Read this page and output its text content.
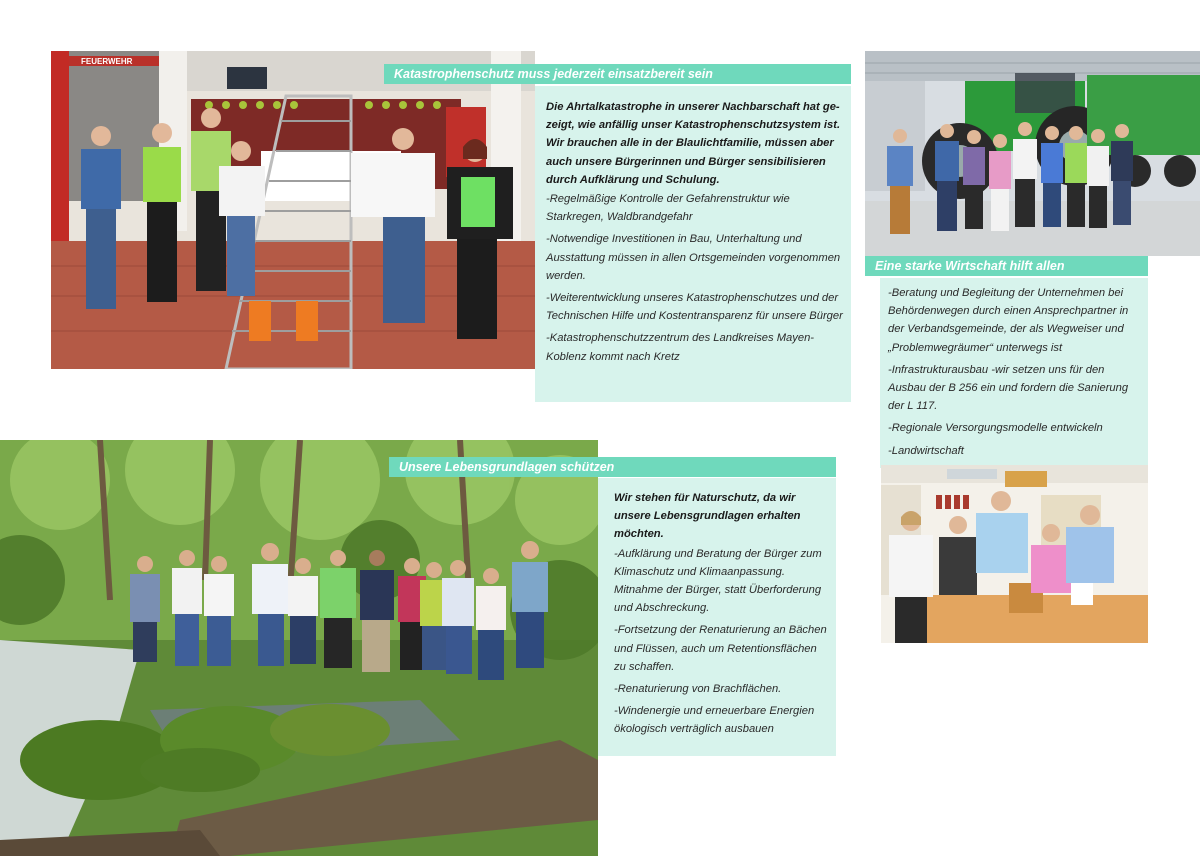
FEUERWEHR
Katastrophenschutz muss jederzeit einsatzbereit sein

Die Ahrtalkatastrophe in unserer Nachbarschaft hat ge- zeigt, wie anfällig unser Katastrophenschutzsystem ist. Wir brauchen alle in der Blaulichtfamilie, müssen aber auch unsere Bürgerinnen und Bürger sensibilisieren durch Aufklärung und Schulung.

-Regelmäßige Kontrolle der Gefahrenstruktur wie Starkregen, Waldbrandgefahr

-Notwendige Investitionen in Bau, Unterhaltung und Ausstattung müssen in allen Ortsgemeinden vorgenommen werden.

-Weiterentwicklung unseres Katastrophenschutzes und der Technischen Hilfe und Kostentransparenz für unsere Bürger

-Katastrophenschutzzentrum des Landkreises Mayen-Koblenz kommt nach Kretz

Eine starke Wirtschaft hilft allen

-Beratung und Begleitung der Unternehmen bei Behördenwegen durch einen Ansprechpartner in der Verbandsgemeinde, der als Wegweiser und „Problemwegräumer“ unterwegs ist

-Infrastrukturausbau -wir setzen uns für den Ausbau der B 256 ein und fordern die Sanierung der L 117.

-Regionale Versorgungsmodelle entwickeln

-Landwirtschaft

Unsere Lebensgrundlagen schützen

Wir stehen für Naturschutz, da wir unsere Lebensgrundlagen erhalten möchten.

-Aufklärung und Beratung der Bürger zum Klimaschutz und Klimaanpassung. Mitnahme der Bürger, statt Überforderung und Abschreckung.

-Fortsetzung der Renaturierung an Bächen und Flüssen, auch um Retentionsflächen zu schaffen.

-Renaturierung von Brachflächen.

-Windenergie und erneuerbare Energien ökologisch verträglich ausbauen
